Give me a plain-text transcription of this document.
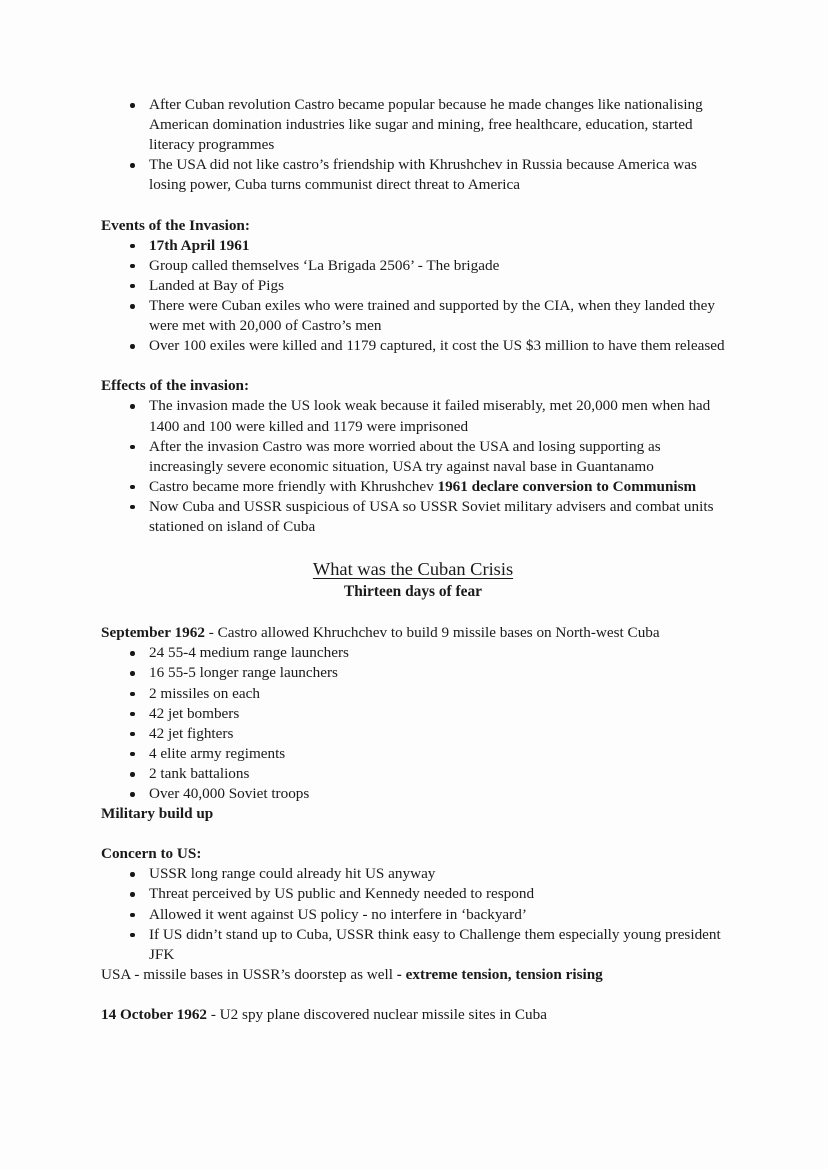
After Cuban revolution Castro became popular because he made changes like nationalising American domination industries like sugar and mining, free healthcare, education, started literacy programmes
The USA did not like castro’s friendship with Khrushchev in Russia because America was losing power, Cuba turns communist direct threat to America

Events of the Invasion:

17th April 1961
Group called themselves ‘La Brigada 2506’ - The brigade
Landed at Bay of Pigs
There were Cuban exiles who were trained and supported by the CIA, when they landed they were met with 20,000 of Castro’s men
Over 100 exiles were killed and 1179 captured, it cost the US $3 million to have them released

Effects of the invasion:

The invasion made the US look weak because it failed miserably, met 20,000 men when had 1400 and 100 were killed and 1179 were imprisoned
After the invasion Castro was more worried about the USA and losing supporting as increasingly severe economic situation, USA try against naval base in Guantanamo
Castro became more friendly with Khrushchev 1961 declare conversion to Communism
Now Cuba and USSR suspicious of USA so USSR Soviet military advisers and combat units stationed on island of Cuba
What was the Cuban Crisis
Thirteen days of fear

September 1962 - Castro allowed Khruchchev to build 9 missile bases on North-west Cuba

24 55-4 medium range launchers
16 55-5 longer range launchers
2 missiles on each
42 jet bombers
42 jet fighters
4 elite army regiments
2 tank battalions
Over 40,000 Soviet troops

Military build up

Concern to US:

USSR long range could already hit US anyway
Threat perceived by US public and Kennedy needed to respond
Allowed it went against US policy - no interfere in ‘backyard’
If US didn’t stand up to Cuba, USSR think easy to Challenge them especially young president JFK

USA - missile bases in USSR’s doorstep as well - extreme tension, tension rising

14 October 1962 - U2 spy plane discovered nuclear missile sites in Cuba
